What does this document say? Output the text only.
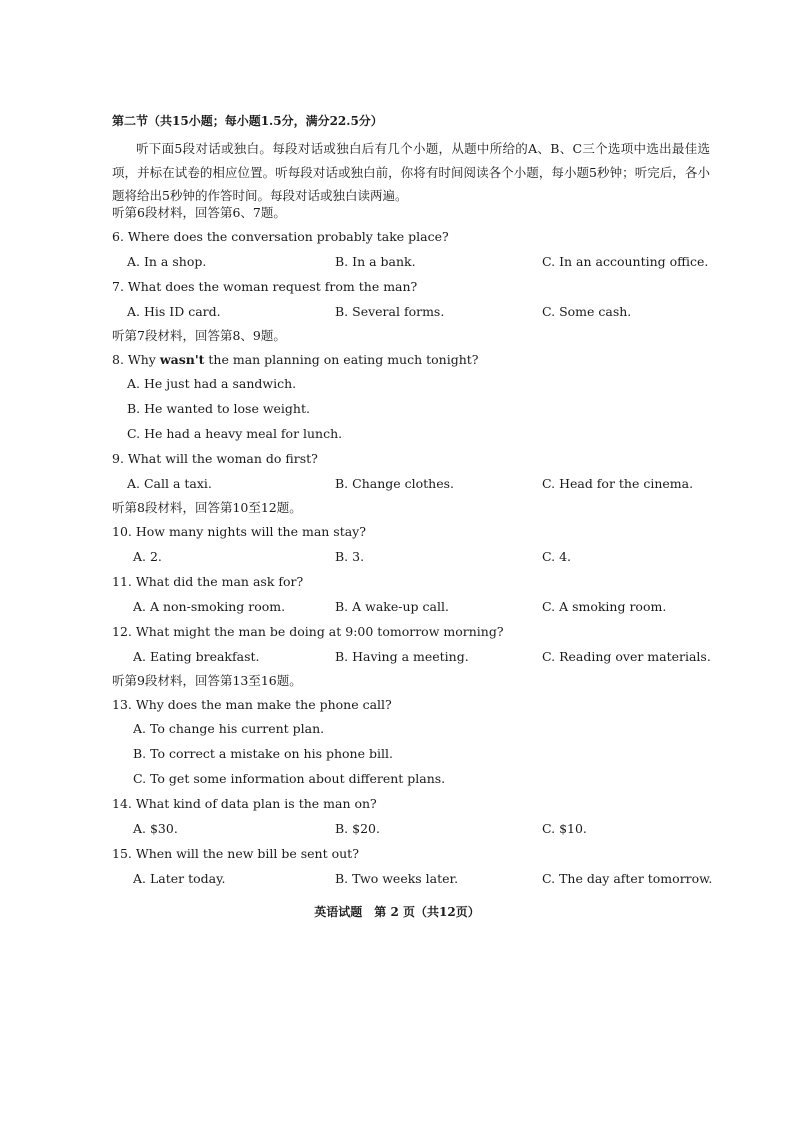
第二节（共15小题；每小题1.5分，满分22.5分）
听下面5段对话或独白。每段对话或独白后有几个小题，从题中所给的A、B、C三个选项中选出最佳选项，并标在试卷的相应位置。听每段对话或独白前，你将有时间阅读各个小题，每小题5秒钟；听完后，各小题将给出5秒钟的作答时间。每段对话或独白读两遍。
听第6段材料，回答第6、7题。
6. Where does the conversation probably take place?
A. In a shop.	B. In a bank.	C. In an accounting office.
7. What does the woman request from the man?
A. His ID card.	B. Several forms.	C. Some cash.
听第7段材料，回答第8、9题。
8. Why wasn't the man planning on eating much tonight?
A. He just had a sandwich.
B. He wanted to lose weight.
C. He had a heavy meal for lunch.
9. What will the woman do first?
A. Call a taxi.	B. Change clothes.	C. Head for the cinema.
听第8段材料，回答第10至12题。
10. How many nights will the man stay?
A. 2.	B. 3.	C. 4.
11. What did the man ask for?
A. A non-smoking room.	B. A wake-up call.	C. A smoking room.
12. What might the man be doing at 9:00 tomorrow morning?
A. Eating breakfast.	B. Having a meeting.	C. Reading over materials.
听第9段材料，回答第13至16题。
13. Why does the man make the phone call?
A. To change his current plan.
B. To correct a mistake on his phone bill.
C. To get some information about different plans.
14. What kind of data plan is the man on?
A. $30.	B. $20.	C. $10.
15. When will the new bill be sent out?
A. Later today.	B. Two weeks later.	C. The day after tomorrow.
英语试题　第 2 页（共12页）
